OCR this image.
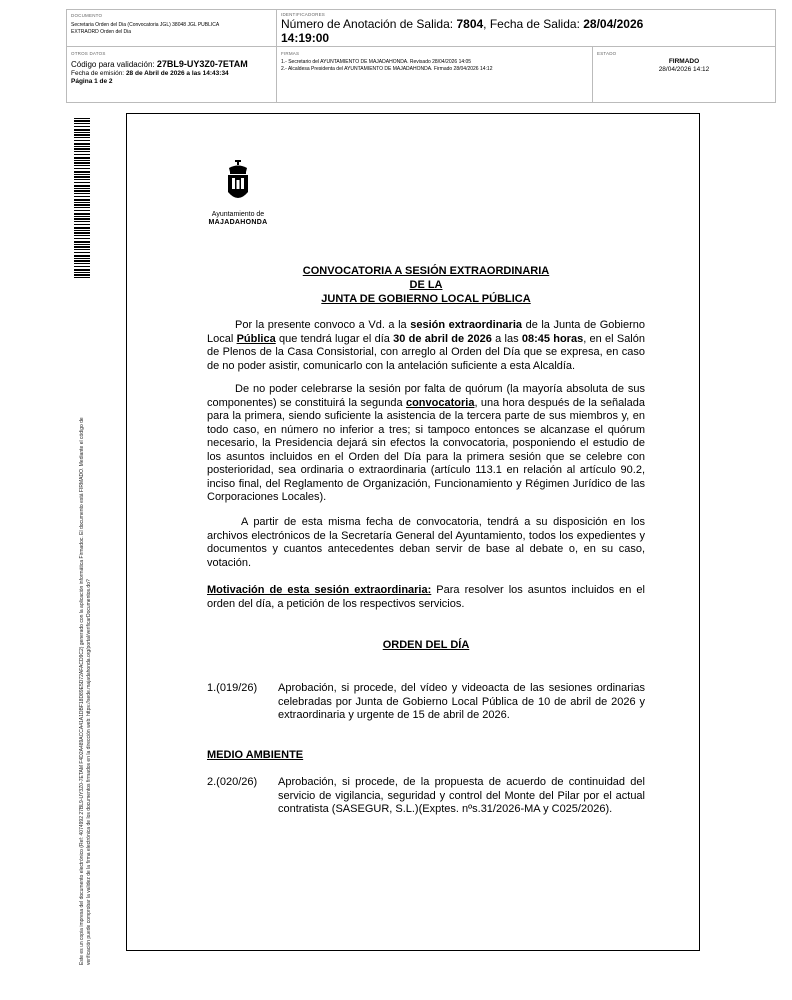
DOCUMENTO
Secretaria Orden del Dia (Convocatoria JGL) 38048 JGL PUBLICA
EXTRAORD Orden del Dia
IDENTIFICADORES
Número de Anotación de Salida: 7804, Fecha de Salida: 28/04/2026
14:19:00
OTROS DATOS
Código para validación: 27BL9-UY3Z0-7ETAM
Fecha de emisión: 28 de Abril de 2026 a las 14:43:34
Página 1 de 2
FIRMAS
1.- Secretario del AYUNTAMIENTO DE MAJADAHONDA. Revisado 28/04/2026 14:05
2.- Alcaldesa Presidenta del AYUNTAMIENTO DE MAJADAHONDA. Firmado 28/04/2026 14:12
ESTADO
FIRMADO
28/04/2026 14:12
Este es un copia impresa del documento electrónico (Ref: 4074992 27BL9-UY3Z0-7ETAM F4D2A489ACCA41A1DBF18D89E5D72AFACD9C2) generado con la aplicación informática Firmadoc. El documento está FIRMADO. Mediante el código de verificación puede comprobar la validez de la firma electrónica de los documentos firmados en la dirección web: https://sede.majadahonda.org/portal/verificarDocumentos.do?
Ayuntamiento de
MAJADAHONDA
CONVOCATORIA A SESIÓN EXTRAORDINARIA
DE LA
JUNTA DE GOBIERNO LOCAL PÚBLICA
Por la presente convoco a Vd. a la sesión extraordinaria de la Junta de Gobierno Local Pública que tendrá lugar el día 30 de abril de 2026 a las 08:45 horas, en el Salón de Plenos de la Casa Consistorial, con arreglo al Orden del Día que se expresa, en caso de no poder asistir, comunicarlo con la antelación suficiente a esta Alcaldía.
De no poder celebrarse la sesión por falta de quórum (la mayoría absoluta de sus componentes) se constituirá la segunda convocatoria, una hora después de la señalada para la primera, siendo suficiente la asistencia de la tercera parte de sus miembros y, en todo caso, en número no inferior a tres; si tampoco entonces se alcanzase el quórum necesario, la Presidencia dejará sin efectos la convocatoria, posponiendo el estudio de los asuntos incluidos en el Orden del Día para la primera sesión que se celebre con posterioridad, sea ordinaria o extraordinaria (artículo 113.1 en relación al artículo 90.2, inciso final, del Reglamento de Organización, Funcionamiento y Régimen Jurídico de las Corporaciones Locales).
A partir de esta misma fecha de convocatoria, tendrá a su disposición en los archivos electrónicos de la Secretaría General del Ayuntamiento, todos los expedientes y documentos y cuantos antecedentes deban servir de base al debate o, en su caso, votación.
Motivación de esta sesión extraordinaria: Para resolver los asuntos incluidos en el orden del día, a petición de los respectivos servicios.
ORDEN DEL DÍA
1.(019/26) Aprobación, si procede, del vídeo y videoacta de las sesiones ordinarias celebradas por Junta de Gobierno Local Pública de 10 de abril de 2026 y extraordinaria y urgente de 15 de abril de 2026.
MEDIO AMBIENTE
2.(020/26) Aprobación, si procede, de la propuesta de acuerdo de continuidad del servicio de vigilancia, seguridad y control del Monte del Pilar por el actual contratista (SASEGUR, S.L.)(Exptes. nºs.31/2026-MA y C025/2026).
